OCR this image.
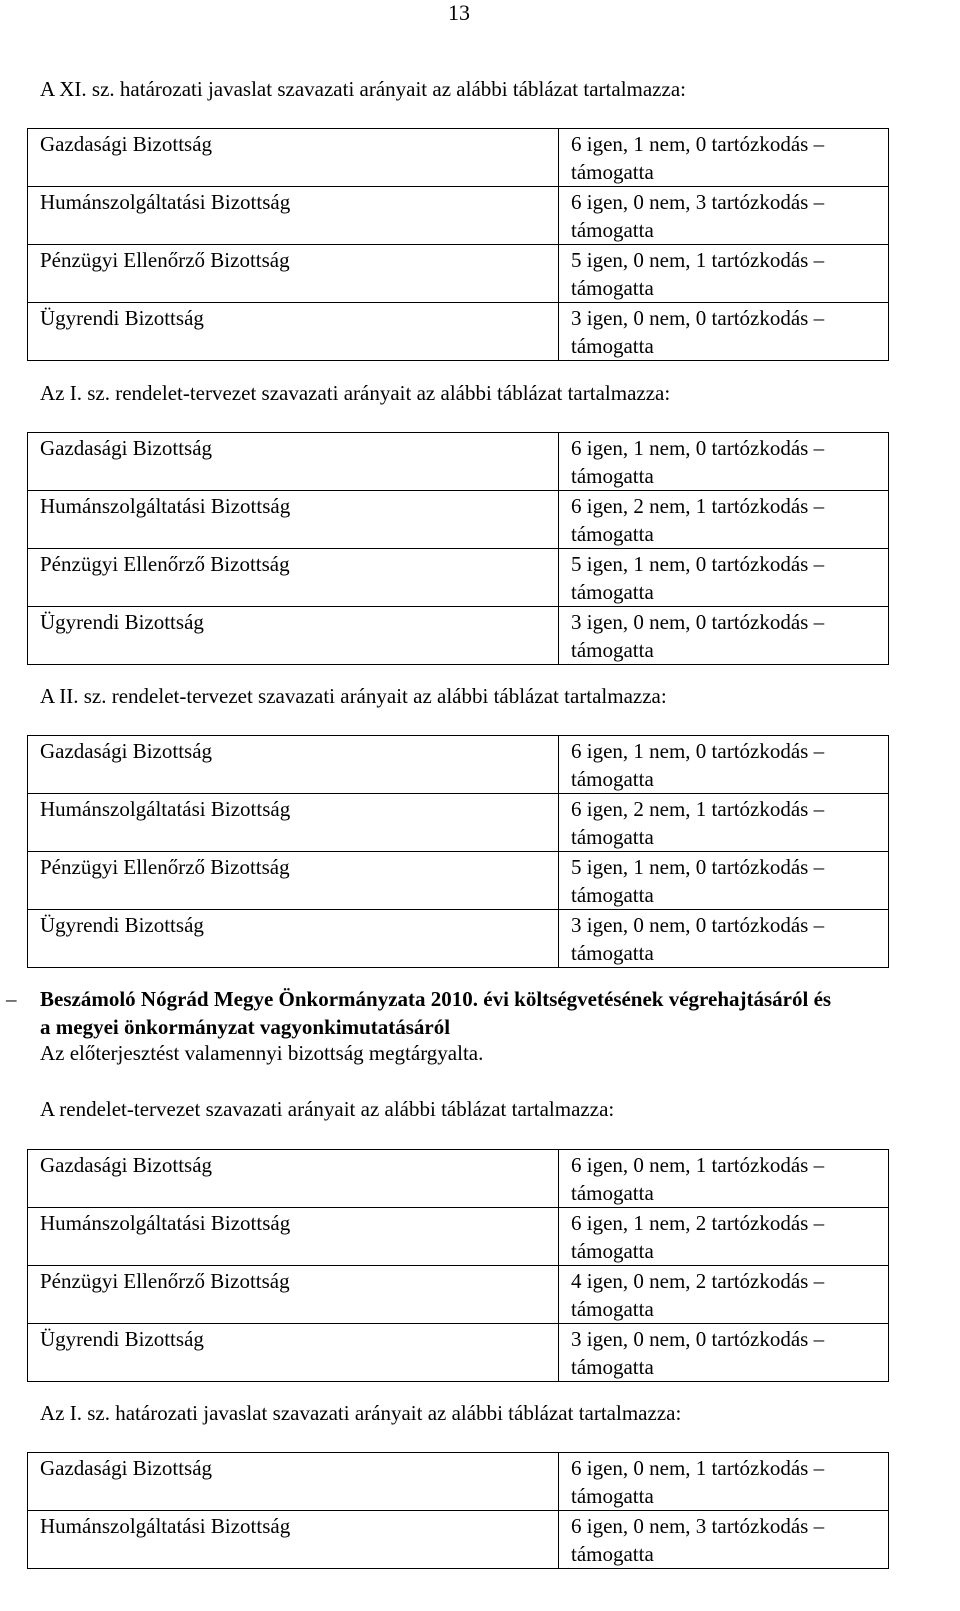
13

A XI. sz. határozati javaslat szavazati arányait az alábbi táblázat tartalmazza:

Gazdasági Bizottság	6 igen, 1 nem, 0 tartózkodás –
támogatta
Humánszolgáltatási Bizottság	6 igen, 0 nem, 3 tartózkodás –
támogatta
Pénzügyi Ellenőrző Bizottság	5 igen, 0 nem, 1 tartózkodás –
támogatta
Ügyrendi Bizottság	3 igen, 0 nem, 0 tartózkodás –
támogatta

Az I. sz. rendelet-tervezet szavazati arányait az alábbi táblázat tartalmazza:

Gazdasági Bizottság	6 igen, 1 nem, 0 tartózkodás –
támogatta
Humánszolgáltatási Bizottság	6 igen, 2 nem, 1 tartózkodás –
támogatta
Pénzügyi Ellenőrző Bizottság	5 igen, 1 nem, 0 tartózkodás –
támogatta
Ügyrendi Bizottság	3 igen, 0 nem, 0 tartózkodás –
támogatta

A II. sz. rendelet-tervezet szavazati arányait az alábbi táblázat tartalmazza:

Gazdasági Bizottság	6 igen, 1 nem, 0 tartózkodás –
támogatta
Humánszolgáltatási Bizottság	6 igen, 2 nem, 1 tartózkodás –
támogatta
Pénzügyi Ellenőrző Bizottság	5 igen, 1 nem, 0 tartózkodás –
támogatta
Ügyrendi Bizottság	3 igen, 0 nem, 0 tartózkodás –
támogatta
– Beszámoló Nógrád Megye Önkormányzata 2010. évi költségvetésének végrehajtásáról és
a megyei önkormányzat vagyonkimutatásáról

Az előterjesztést valamennyi bizottság megtárgyalta.

A rendelet-tervezet szavazati arányait az alábbi táblázat tartalmazza:

Gazdasági Bizottság	6 igen, 0 nem, 1 tartózkodás –
támogatta
Humánszolgáltatási Bizottság	6 igen, 1 nem, 2 tartózkodás –
támogatta
Pénzügyi Ellenőrző Bizottság	4 igen, 0 nem, 2 tartózkodás –
támogatta
Ügyrendi Bizottság	3 igen, 0 nem, 0 tartózkodás –
támogatta

Az I. sz. határozati javaslat szavazati arányait az alábbi táblázat tartalmazza:

Gazdasági Bizottság	6 igen, 0 nem, 1 tartózkodás –
támogatta
Humánszolgáltatási Bizottság	6 igen, 0 nem, 3 tartózkodás –
támogatta
